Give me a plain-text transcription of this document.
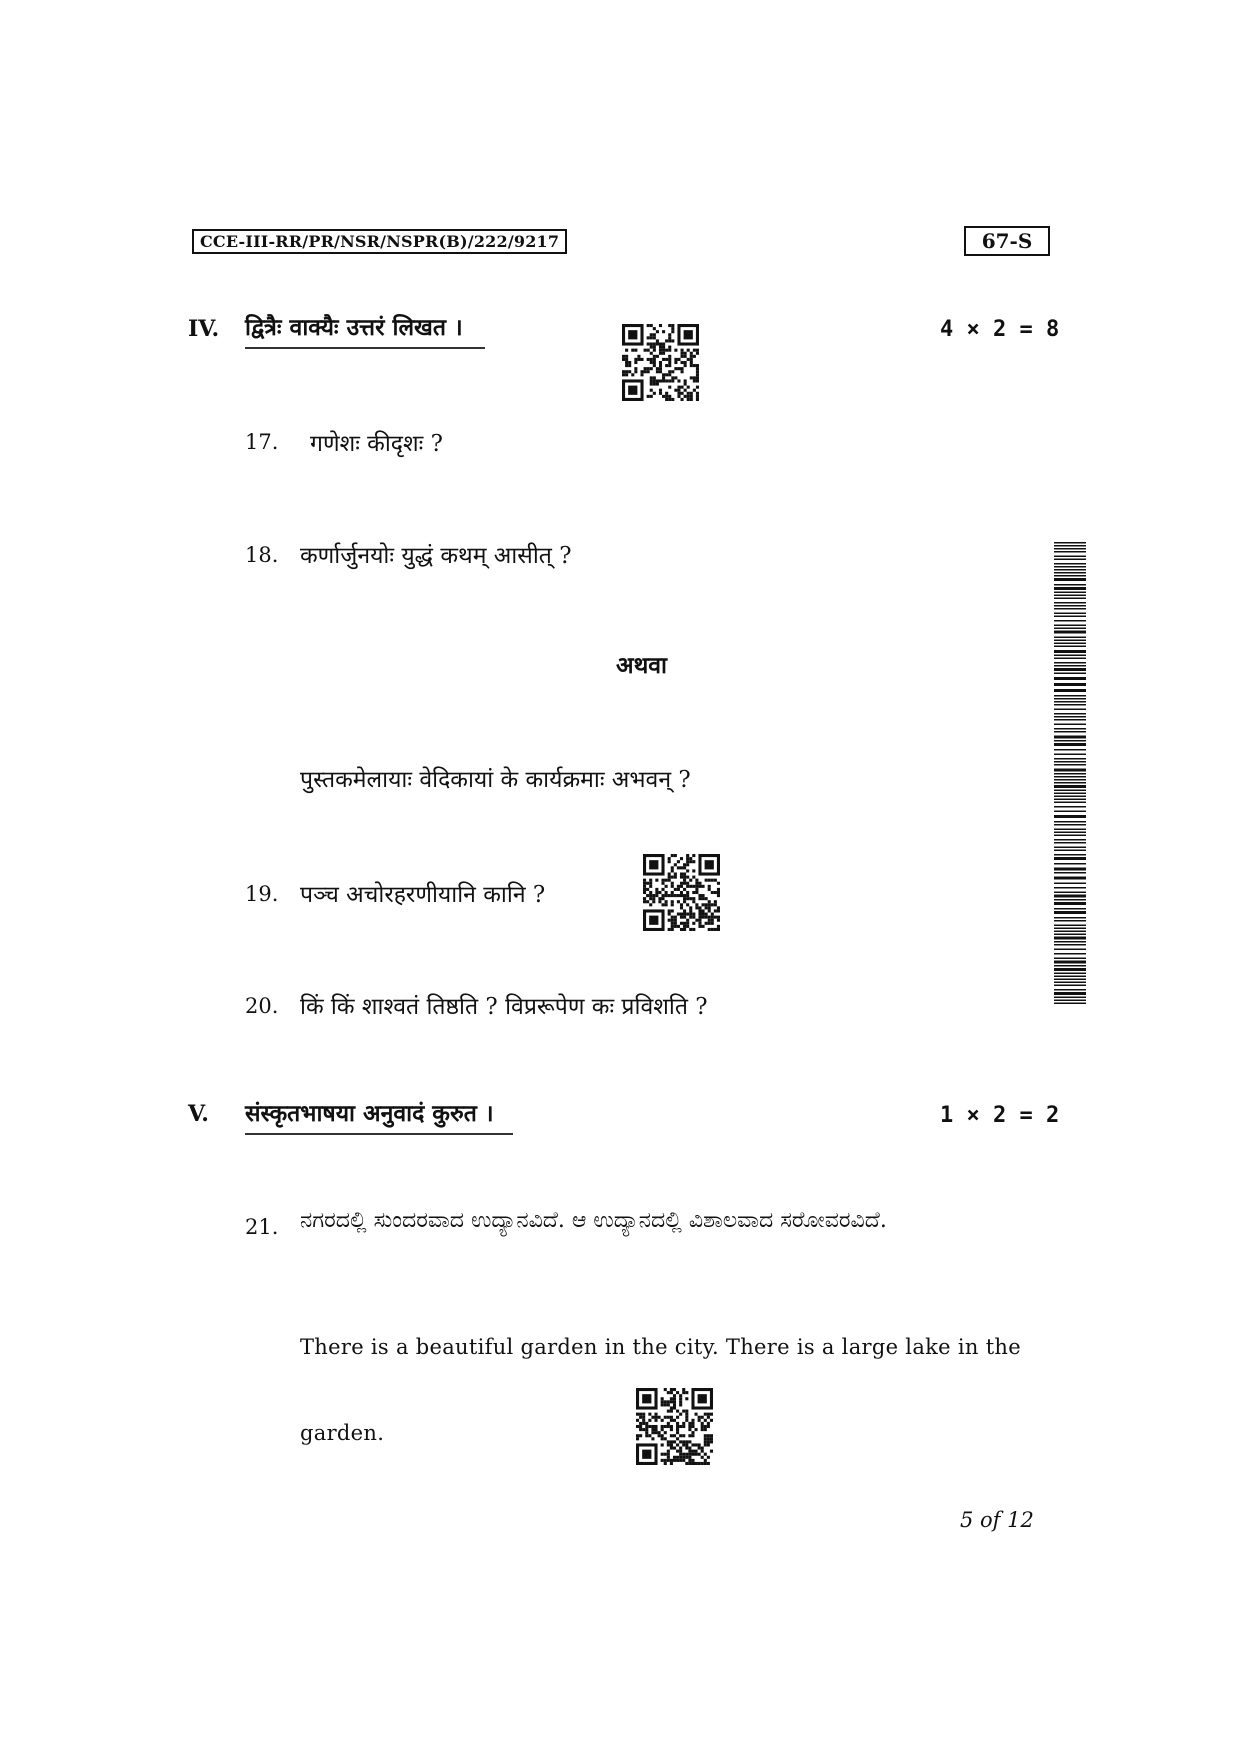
CCE-III-RR/PR/NSR/NSPR(B)/222/9217	67-S
IV. द्वित्रैः वाक्यैः उत्तरं लिखत ।	4 × 2 = 8
17. गणेशः कीदृशः ?
18. कर्णार्जुनयोः युद्धं कथम् आसीत् ?
अथवा
पुस्तकमेलायाः वेदिकायां के कार्यक्रमाः अभवन् ?
19. पञ्च अचोरहरणीयानि कानि ?
20. किं किं शाश्वतं तिष्ठति ? विप्ररूपेण कः प्रविशति ?
V. संस्कृतभाषया अनुवादं कुरुत ।	1 × 2 = 2
21. ನಗರದಲ್ಲಿ ಸುಂದರವಾದ ಉದ್ಯಾನವಿದೆ. ಆ ಉದ್ಯಾನದಲ್ಲಿ ವಿಶಾಲವಾದ ಸರೋವರವಿದೆ.
There is a beautiful garden in the city. There is a large lake in the
garden.
5 of 12
